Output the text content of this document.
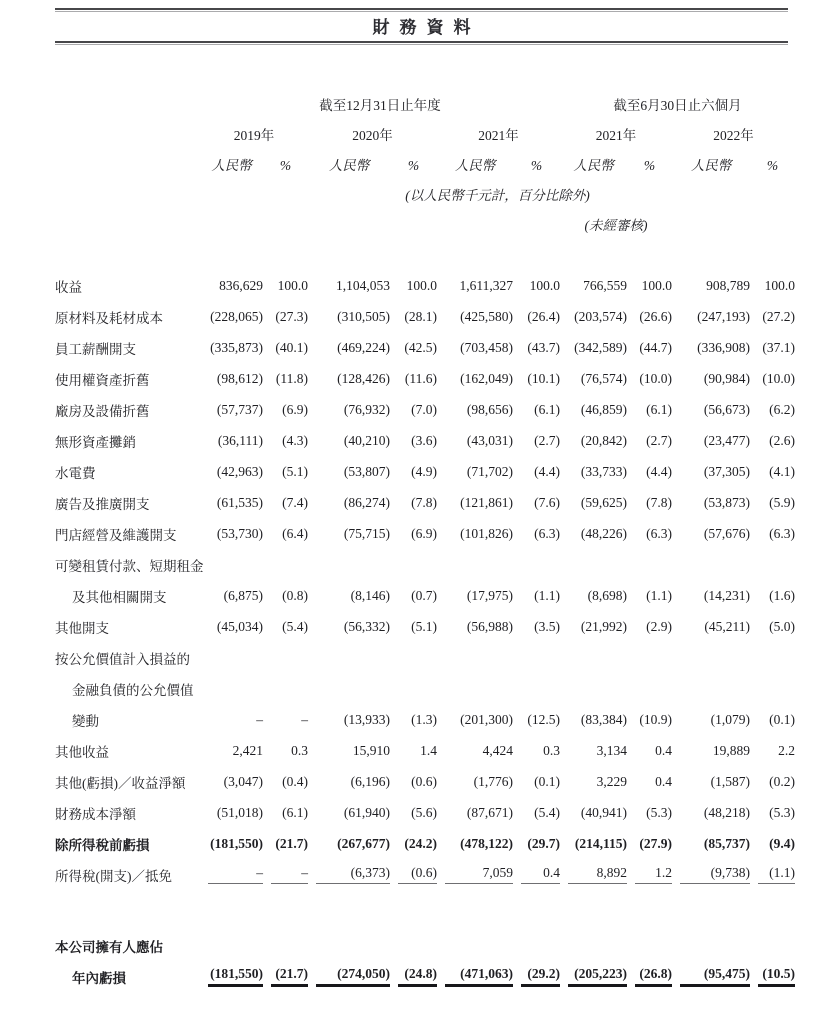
財務資料
	截至12月31日止年度						截至6月30日止六個月			
	2019年		2020年		2021年		2021年		2022年	
	人民幣	%	人民幣	%	人民幣	%	人民幣	%	人民幣	%
	(以人民幣千元計，百分比除外)									
							(未經審核)			

收益	836,629	100.0	1,104,053	100.0	1,611,327	100.0	766,559	100.0	908,789	100.0
原材料及耗材成本	(228,065)	(27.3)	(310,505)	(28.1)	(425,580)	(26.4)	(203,574)	(26.6)	(247,193)	(27.2)
員工薪酬開支	(335,873)	(40.1)	(469,224)	(42.5)	(703,458)	(43.7)	(342,589)	(44.7)	(336,908)	(37.1)
使用權資產折舊	(98,612)	(11.8)	(128,426)	(11.6)	(162,049)	(10.1)	(76,574)	(10.0)	(90,984)	(10.0)
廠房及設備折舊	(57,737)	(6.9)	(76,932)	(7.0)	(98,656)	(6.1)	(46,859)	(6.1)	(56,673)	(6.2)
無形資產攤銷	(36,111)	(4.3)	(40,210)	(3.6)	(43,031)	(2.7)	(20,842)	(2.7)	(23,477)	(2.6)
水電費	(42,963)	(5.1)	(53,807)	(4.9)	(71,702)	(4.4)	(33,733)	(4.4)	(37,305)	(4.1)
廣告及推廣開支	(61,535)	(7.4)	(86,274)	(7.8)	(121,861)	(7.6)	(59,625)	(7.8)	(53,873)	(5.9)
門店經營及維護開支	(53,730)	(6.4)	(75,715)	(6.9)	(101,826)	(6.3)	(48,226)	(6.3)	(57,676)	(6.3)
可變租賃付款、短期租金										
及其他相關開支	(6,875)	(0.8)	(8,146)	(0.7)	(17,975)	(1.1)	(8,698)	(1.1)	(14,231)	(1.6)
其他開支	(45,034)	(5.4)	(56,332)	(5.1)	(56,988)	(3.5)	(21,992)	(2.9)	(45,211)	(5.0)
按公允價值計入損益的										
金融負債的公允價值										
變動	–	–	(13,933)	(1.3)	(201,300)	(12.5)	(83,384)	(10.9)	(1,079)	(0.1)
其他收益	2,421	0.3	15,910	1.4	4,424	0.3	3,134	0.4	19,889	2.2
其他(虧損)／收益淨額	(3,047)	(0.4)	(6,196)	(0.6)	(1,776)	(0.1)	3,229	0.4	(1,587)	(0.2)
財務成本淨額	(51,018)	(6.1)	(61,940)	(5.6)	(87,671)	(5.4)	(40,941)	(5.3)	(48,218)	(5.3)
除所得稅前虧損	(181,550)	(21.7)	(267,677)	(24.2)	(478,122)	(29.7)	(214,115)	(27.9)	(85,737)	(9.4)
所得稅(開支)／抵免	–	–	(6,373)	(0.6)	7,059	0.4	8,892	1.2	(9,738)	(1.1)

本公司擁有人應佔										
年內虧損	(181,550)	(21.7)	(274,050)	(24.8)	(471,063)	(29.2)	(205,223)	(26.8)	(95,475)	(10.5)
